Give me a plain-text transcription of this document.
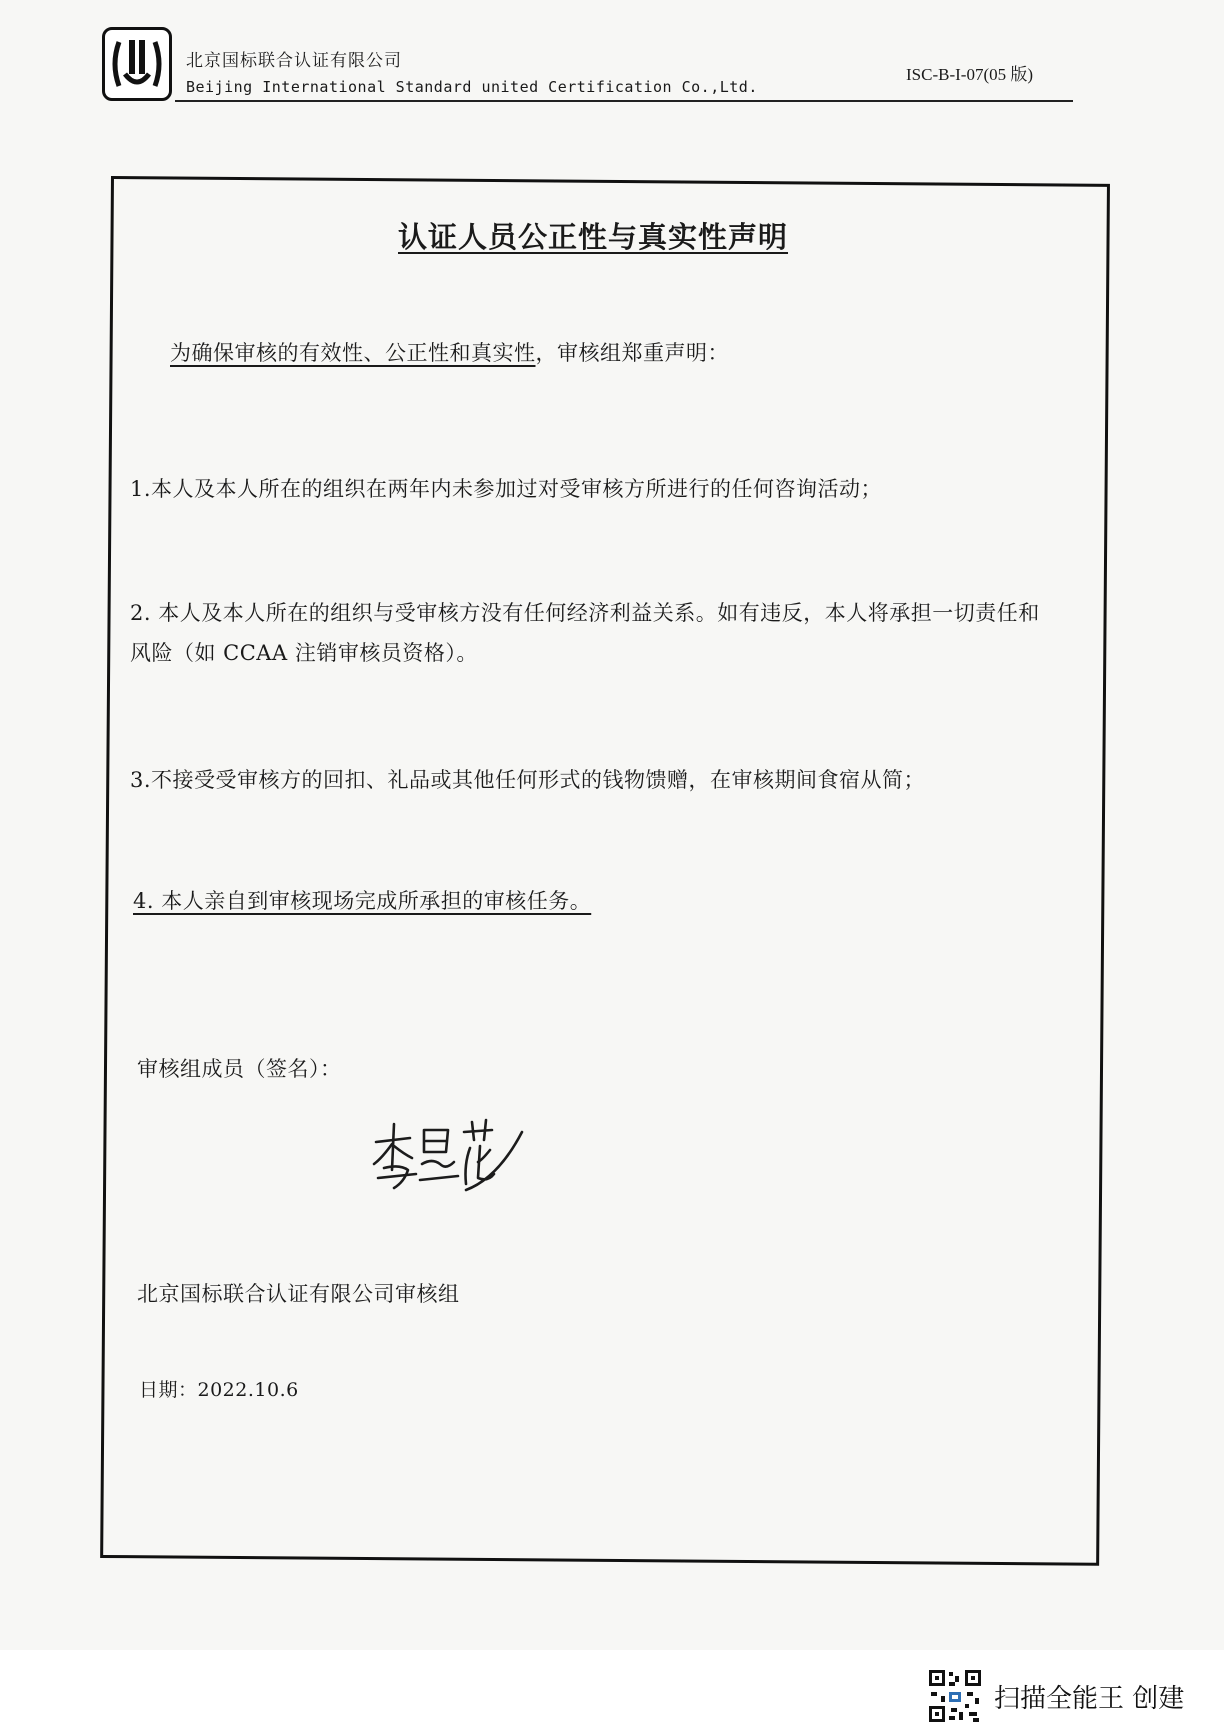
北京国标联合认证有限公司
Beijing International Standard united Certification Co.,Ltd.
ISC-B-I-07(05 版)
认证人员公正性与真实性声明
为确保审核的有效性、公正性和真实性，审核组郑重声明：
1.本人及本人所在的组织在两年内未参加过对受审核方所进行的任何咨询活动；
2. 本人及本人所在的组织与受审核方没有任何经济利益关系。如有违反，本人将承担一切责任和
风险（如 CCAA 注销审核员资格）。
3.不接受受审核方的回扣、礼品或其他任何形式的钱物馈赠，在审核期间食宿从简；
4. 本人亲自到审核现场完成所承担的审核任务。
审核组成员（签名）：
北京国标联合认证有限公司审核组
日期：2022.10.6
扫描全能王 创建
